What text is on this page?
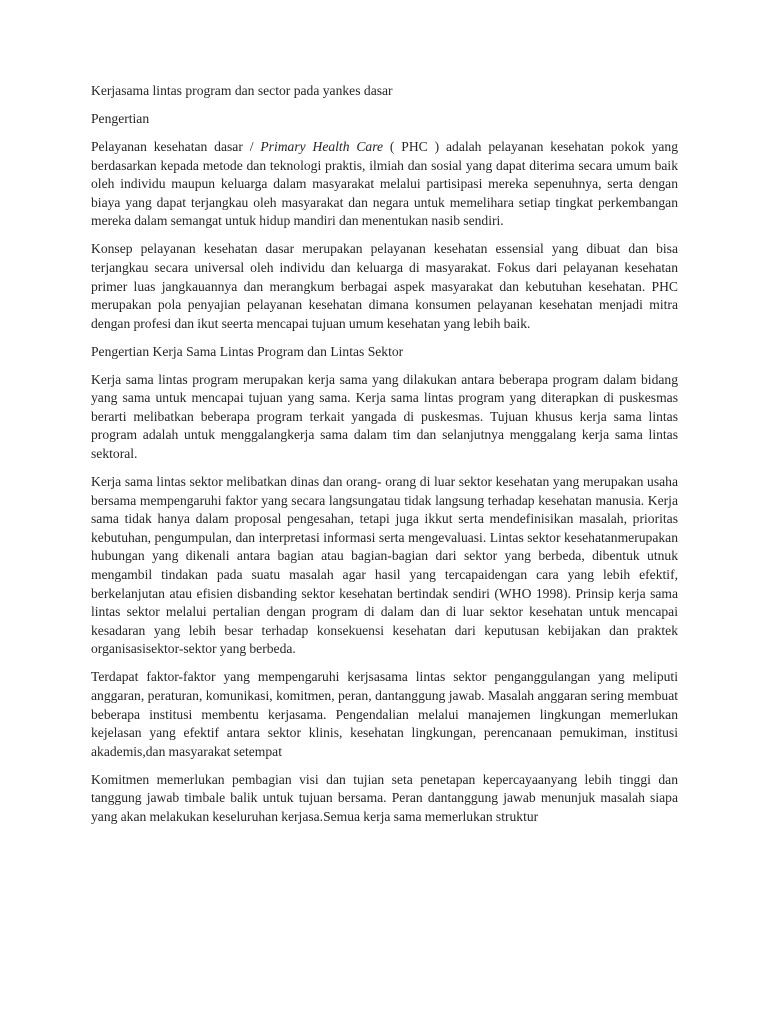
Kerjasama lintas program dan sector pada yankes dasar
Pengertian

Pelayanan kesehatan dasar / Primary Health Care ( PHC ) adalah pelayanan kesehatan pokok yang berdasarkan kepada metode dan teknologi praktis, ilmiah dan sosial yang dapat diterima secara umum baik oleh individu maupun keluarga dalam masyarakat melalui partisipasi mereka sepenuhnya, serta dengan biaya yang dapat terjangkau oleh masyarakat dan negara untuk memelihara setiap tingkat perkembangan mereka dalam semangat untuk hidup mandiri dan menentukan nasib sendiri.

Konsep pelayanan kesehatan dasar merupakan pelayanan kesehatan essensial yang dibuat dan bisa terjangkau secara universal oleh individu dan keluarga di masyarakat. Fokus dari pelayanan kesehatan primer luas jangkauannya dan merangkum berbagai aspek masyarakat dan kebutuhan kesehatan. PHC merupakan pola penyajian pelayanan kesehatan dimana konsumen pelayanan kesehatan menjadi mitra dengan profesi dan ikut seerta mencapai tujuan umum kesehatan yang lebih baik.

Pengertian Kerja Sama Lintas Program dan Lintas Sektor

Kerja sama lintas program merupakan kerja sama yang dilakukan antara beberapa program dalam bidang yang sama untuk mencapai tujuan yang sama. Kerja sama lintas program yang diterapkan di puskesmas berarti melibatkan beberapa program terkait yangada di puskesmas. Tujuan khusus kerja sama lintas program adalah untuk menggalangkerja sama dalam tim dan selanjutnya menggalang kerja sama lintas sektoral.

Kerja sama lintas sektor melibatkan dinas dan orang- orang di luar sektor kesehatan yang merupakan usaha bersama mempengaruhi faktor yang secara langsungatau tidak langsung terhadap kesehatan manusia. Kerja sama tidak hanya dalam proposal pengesahan, tetapi juga ikkut serta mendefinisikan masalah, prioritas kebutuhan, pengumpulan, dan interpretasi informasi serta mengevaluasi. Lintas sektor kesehatanmerupakan hubungan yang dikenali antara bagian atau bagian-bagian dari sektor yang berbeda, dibentuk utnuk mengambil tindakan pada suatu masalah agar hasil yang tercapaidengan cara yang lebih efektif, berkelanjutan atau efisien disbanding sektor kesehatan bertindak sendiri (WHO 1998). Prinsip kerja sama lintas sektor melalui pertalian dengan program di dalam dan di luar sektor kesehatan untuk mencapai kesadaran yang lebih besar terhadap konsekuensi kesehatan dari keputusan kebijakan dan praktek organisasisektor-sektor yang berbeda.

Terdapat faktor-faktor yang mempengaruhi kerjsasama lintas sektor penganggulangan yang meliputi anggaran, peraturan, komunikasi, komitmen, peran, dantanggung jawab. Masalah anggaran sering membuat beberapa institusi membentu kerjasama. Pengendalian melalui manajemen lingkungan memerlukan kejelasan yang efektif antara sektor klinis, kesehatan lingkungan, perencanaan pemukiman, institusi akademis,dan masyarakat setempat

Komitmen memerlukan pembagian visi dan tujian seta penetapan kepercayaanyang lebih tinggi dan tanggung jawab timbale balik untuk tujuan bersama. Peran dantanggung jawab menunjuk masalah siapa yang akan melakukan keseluruhan kerjasa.Semua kerja sama memerlukan struktur
